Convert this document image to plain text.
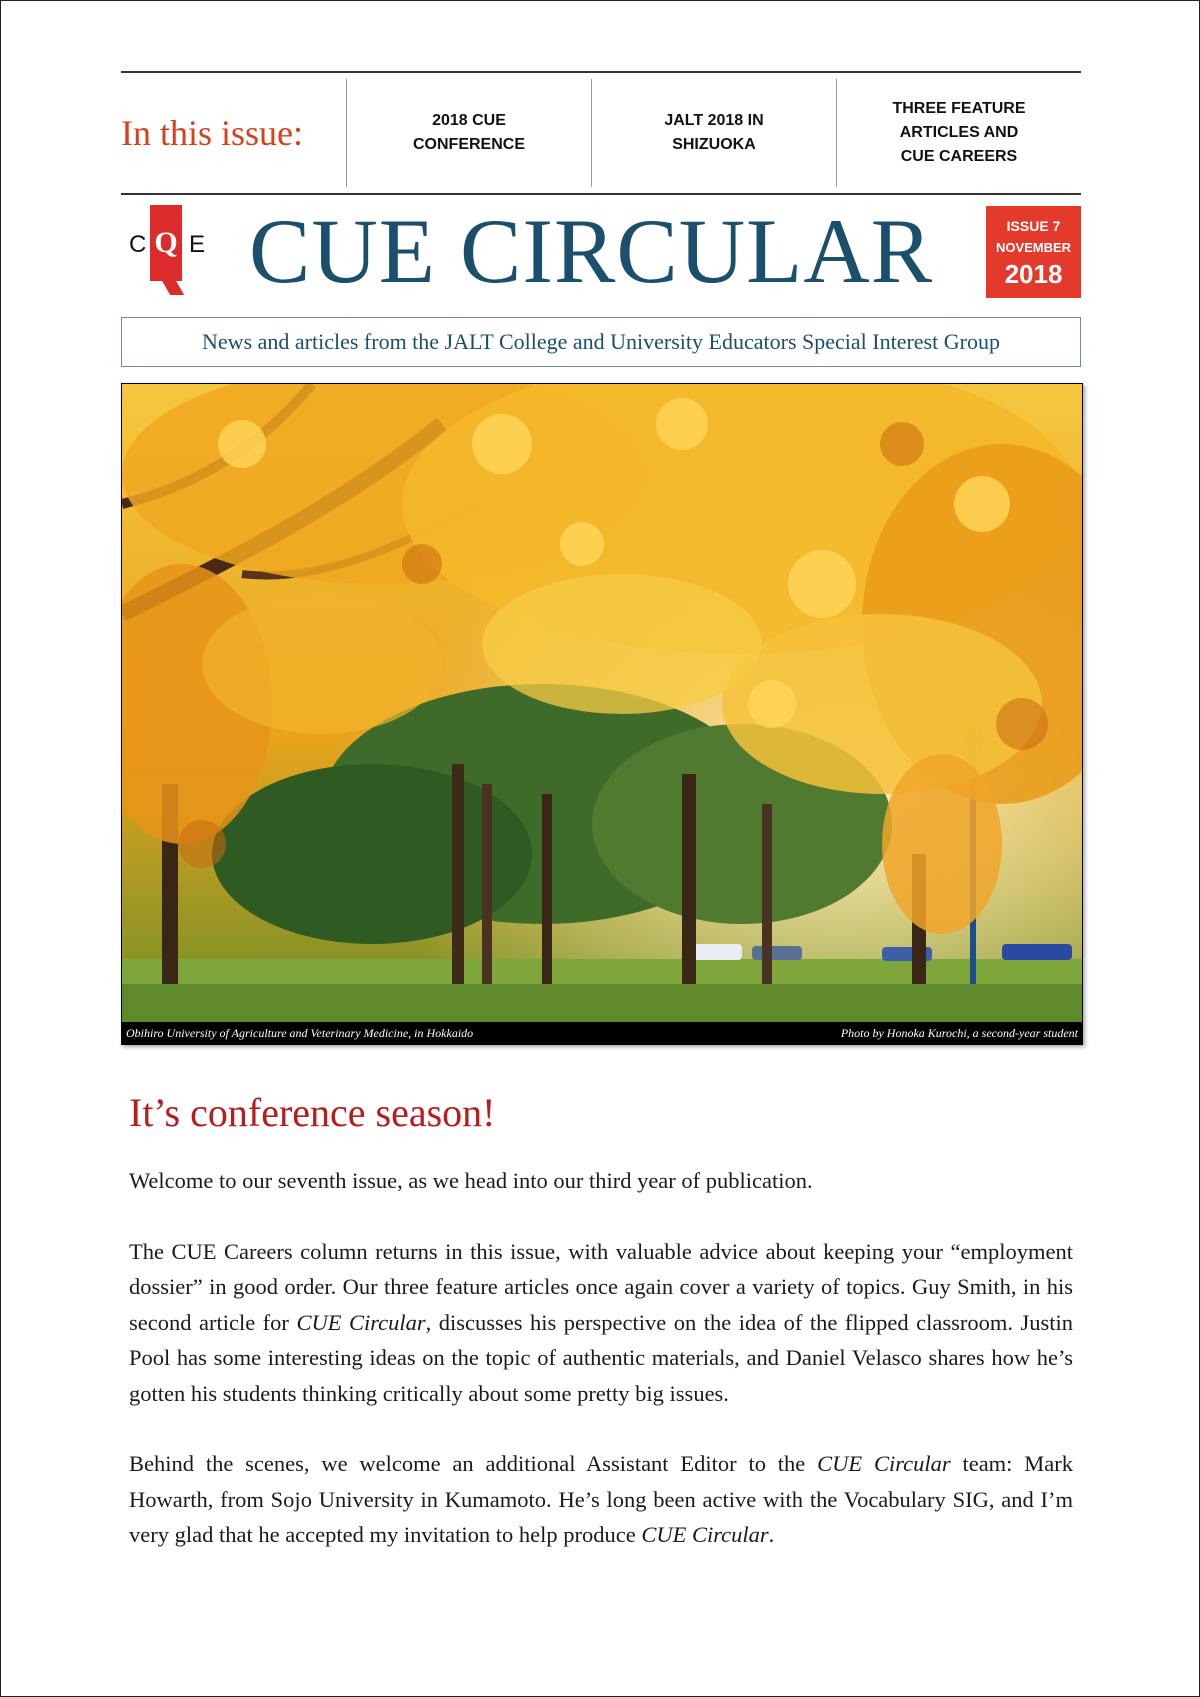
In this issue:	2018 CUE
CONFERENCE
JALT 2018 IN
SHIZUOKA
THREE FEATURE
ARTICLES AND
CUE CAREERS
C Q E CUE CIRCULAR	ISSUE 7
NOVEMBER
2018
News and articles from the JALT College and University Educators Special Interest Group
Obihiro University of Agriculture and Veterinary Medicine, in Hokkaido	Photo by Honoka Kurochi, a second-year student
It’s conference season!

Welcome to our seventh issue, as we head into our third year of publication.

The CUE Careers column returns in this issue, with valuable advice about keeping your “employment dossier” in good order. Our three feature articles once again cover a variety of topics. Guy Smith, in his second article for CUE Circular, discusses his perspective on the idea of the flipped classroom. Justin Pool has some interesting ideas on the topic of authentic materials, and Daniel Velasco shares how he’s gotten his students thinking critically about some pretty big issues.

Behind the scenes, we welcome an additional Assistant Editor to the CUE Circular team: Mark Howarth, from Sojo University in Kumamoto. He’s long been active with the Vocabulary SIG, and I’m very glad that he accepted my invitation to help produce CUE Circular.
